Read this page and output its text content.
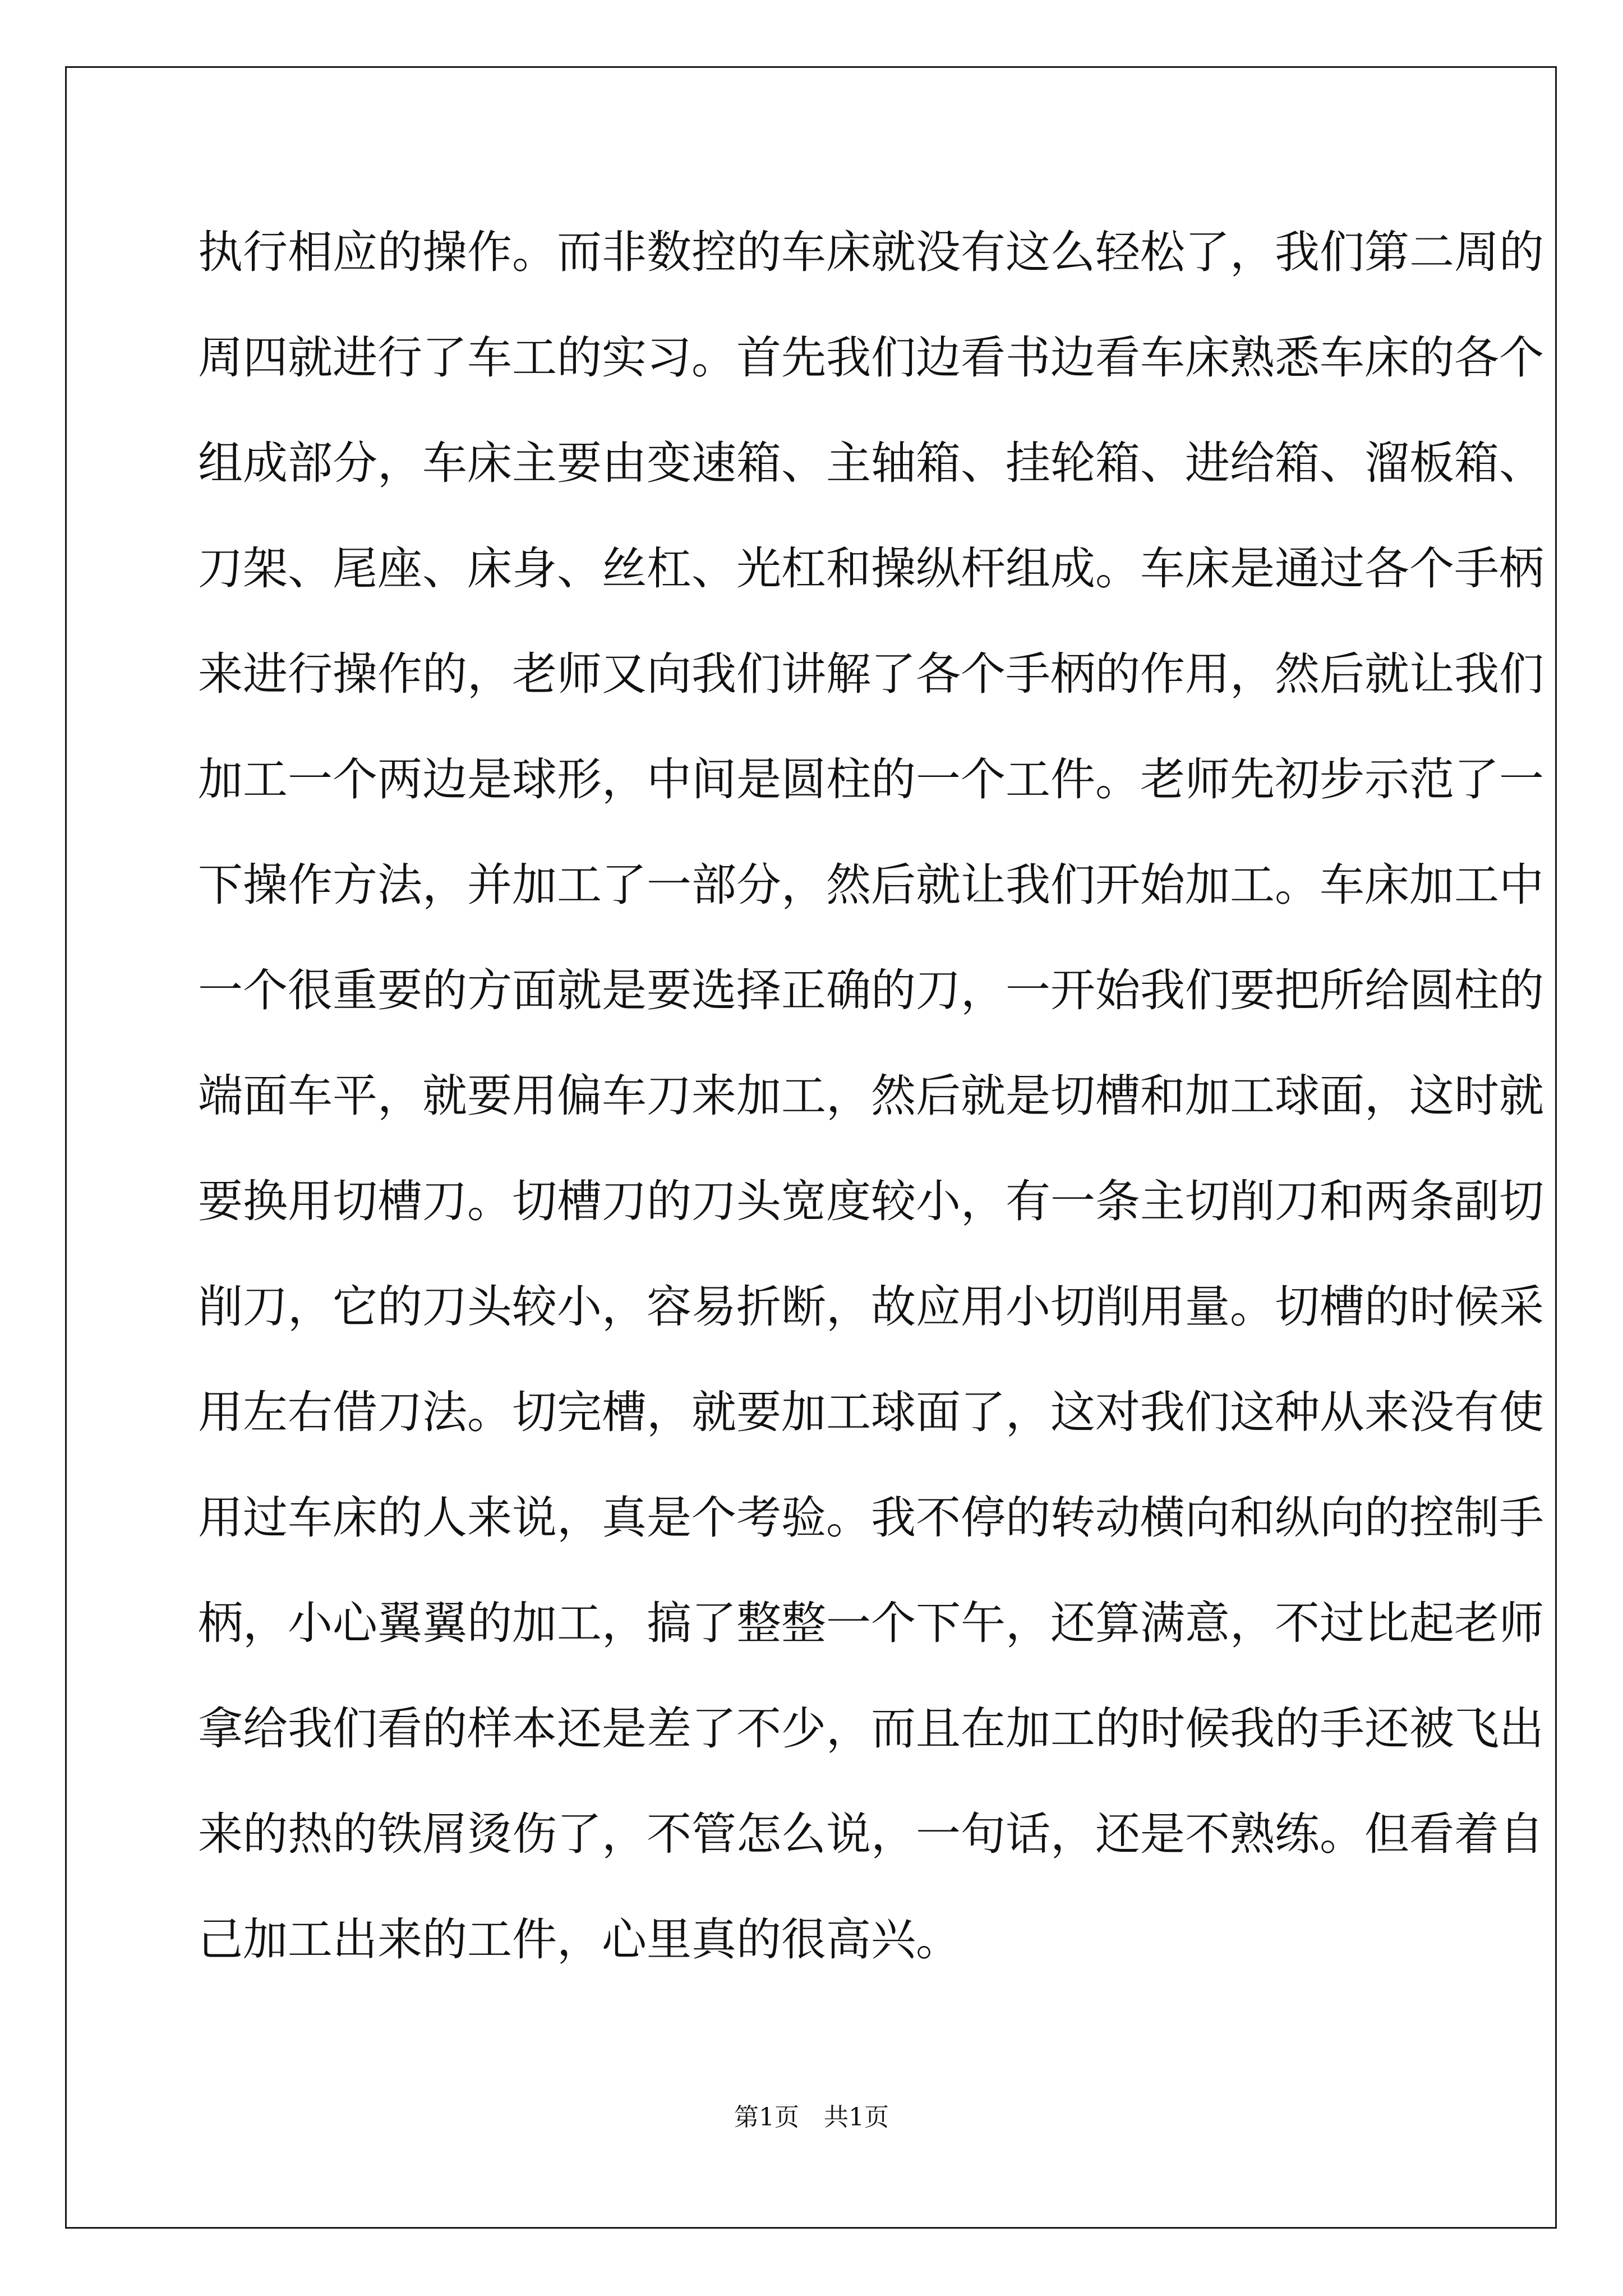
执行相应的操作。而非数控的车床就没有这么轻松了，我们第二周的
周四就进行了车工的实习。首先我们边看书边看车床熟悉车床的各个
组成部分，车床主要由变速箱、主轴箱、挂轮箱、进给箱、溜板箱、
刀架、尾座、床身、丝杠、光杠和操纵杆组成。车床是通过各个手柄
来进行操作的，老师又向我们讲解了各个手柄的作用，然后就让我们
加工一个两边是球形，中间是圆柱的一个工件。老师先初步示范了一
下操作方法，并加工了一部分，然后就让我们开始加工。车床加工中
一个很重要的方面就是要选择正确的刀，一开始我们要把所给圆柱的
端面车平，就要用偏车刀来加工，然后就是切槽和加工球面，这时就
要换用切槽刀。切槽刀的刀头宽度较小，有一条主切削刀和两条副切
削刀，它的刀头较小，容易折断，故应用小切削用量。切槽的时候采
用左右借刀法。切完槽，就要加工球面了，这对我们这种从来没有使
用过车床的人来说，真是个考验。我不停的转动横向和纵向的控制手
柄，小心翼翼的加工，搞了整整一个下午，还算满意，不过比起老师
拿给我们看的样本还是差了不少，而且在加工的时候我的手还被飞出
来的热的铁屑烫伤了，不管怎么说，一句话，还是不熟练。但看着自
己加工出来的工件，心里真的很高兴。
第1页 共1页
